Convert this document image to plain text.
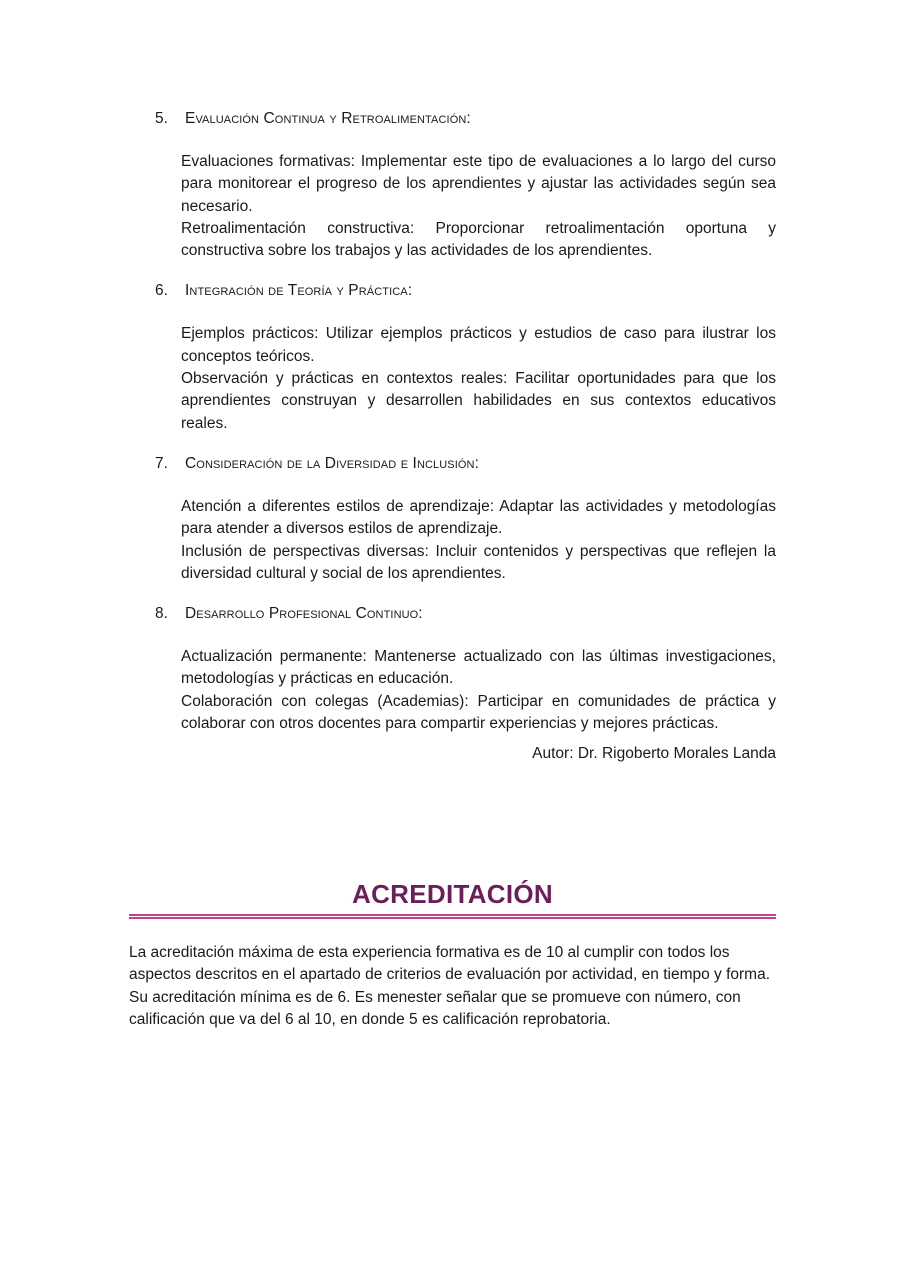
5.	Evaluación Continua y Retroalimentación:
Evaluaciones formativas: Implementar este tipo de evaluaciones a lo largo del curso para monitorear el progreso de los aprendientes y ajustar las actividades según sea necesario.
Retroalimentación constructiva: Proporcionar retroalimentación oportuna y constructiva sobre los trabajos y las actividades de los aprendientes.
6.	Integración de Teoría y Práctica:
Ejemplos prácticos: Utilizar ejemplos prácticos y estudios de caso para ilustrar los conceptos teóricos.
Observación y prácticas en contextos reales: Facilitar oportunidades para que los aprendientes construyan y desarrollen habilidades en sus contextos educativos reales.
7.	Consideración de la Diversidad e Inclusión:
Atención a diferentes estilos de aprendizaje: Adaptar las actividades y metodologías para atender a diversos estilos de aprendizaje.
Inclusión de perspectivas diversas: Incluir contenidos y perspectivas que reflejen la diversidad cultural y social de los aprendientes.
8.	Desarrollo Profesional Continuo:
Actualización permanente: Mantenerse actualizado con las últimas investigaciones, metodologías y prácticas en educación.
Colaboración con colegas (Academias): Participar en comunidades de práctica y colaborar con otros docentes para compartir experiencias y mejores prácticas.
Autor: Dr. Rigoberto Morales Landa
ACREDITACIÓN

La acreditación máxima de esta experiencia formativa es de 10 al cumplir con todos los aspectos descritos en el apartado de criterios de evaluación por actividad, en tiempo y forma.

Su acreditación mínima es de 6. Es menester señalar que se promueve con número, con calificación que va del 6 al 10, en donde 5 es calificación reprobatoria.
